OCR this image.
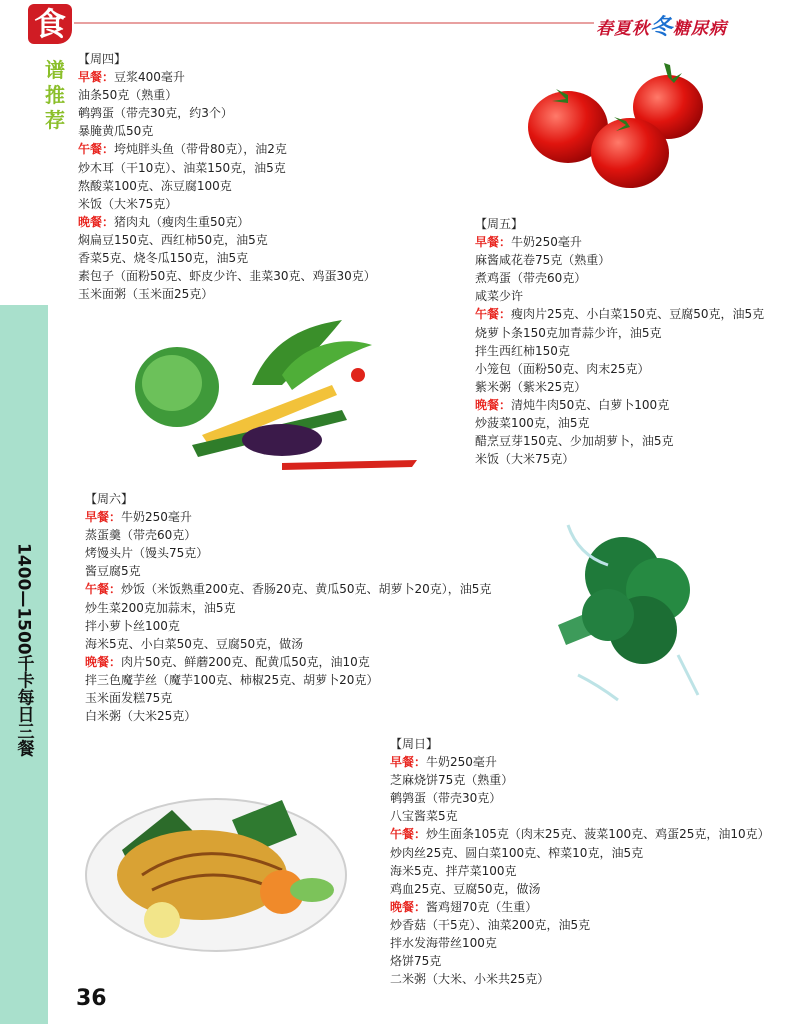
食	春夏秋冬糖尿病
谱推荐
1400—1500千卡每日三餐
36
【周四】
早餐：豆浆400毫升
油条50克（熟重）
鹌鹑蛋（带壳30克，约3个）
暴腌黄瓜50克
午餐：垮炖胖头鱼（带骨80克），油2克
炒木耳（干10克）、油菜150克，油5克
熬酸菜100克、冻豆腐100克
米饭（大米75克）
晚餐：猪肉丸（瘦肉生重50克）
焖扁豆150克、西红柿50克，油5克
香菜5克、烧冬瓜150克，油5克
素包子（面粉50克、虾皮少许、韭菜30克、鸡蛋30克）
玉米面粥（玉米面25克）
【周五】
早餐：牛奶250毫升
麻酱咸花卷75克（熟重）
煮鸡蛋（带壳60克）
咸菜少许
午餐：瘦肉片25克、小白菜150克、豆腐50克，油5克
烧萝卜条150克加青蒜少许，油5克
拌生西红柿150克
小笼包（面粉50克、肉末25克）
紫米粥（紫米25克）
晚餐：清炖牛肉50克、白萝卜100克
炒菠菜100克，油5克
醋烹豆芽150克、少加胡萝卜，油5克
米饭（大米75克）
【周六】
早餐：牛奶250毫升
蒸蛋羹（带壳60克）
烤馒头片（馒头75克）
酱豆腐5克
午餐：炒饭（米饭熟重200克、香肠20克、黄瓜50克、胡萝卜20克），油5克
炒生菜200克加蒜末，油5克
拌小萝卜丝100克
海米5克、小白菜50克、豆腐50克，做汤
晚餐：肉片50克、鲜蘑200克、配黄瓜50克，油10克
拌三色魔芋丝（魔芋100克、柿椒25克、胡萝卜20克）
玉米面发糕75克
白米粥（大米25克）
【周日】
早餐：牛奶250毫升
芝麻烧饼75克（熟重）
鹌鹑蛋（带壳30克）
八宝酱菜5克
午餐：炒生面条105克（肉末25克、菠菜100克、鸡蛋25克，油10克）
炒肉丝25克、圆白菜100克、榨菜10克，油5克
海米5克、拌芹菜100克
鸡血25克、豆腐50克，做汤
晚餐：酱鸡翅70克（生重）
炒香菇（干5克）、油菜200克，油5克
拌水发海带丝100克
烙饼75克
二米粥（大米、小米共25克）
